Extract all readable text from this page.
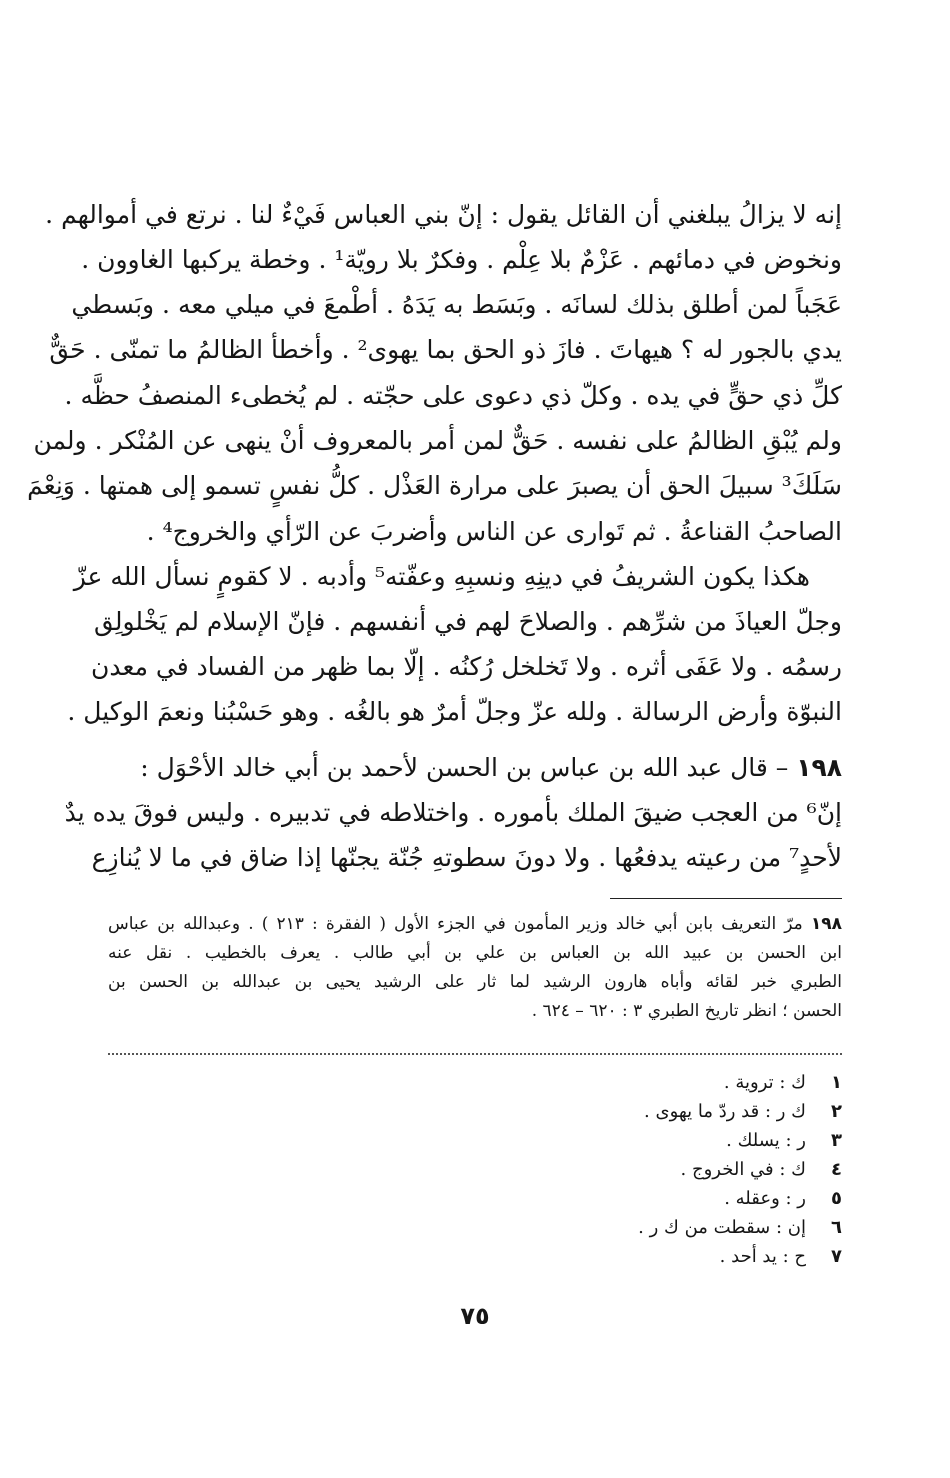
إنه لا يزالُ يبلغني أن القائل يقول : إنّ بني العباس فَيْءٌ لنا . نرتع في أموالهم .
ونخوض في دمائهم . عَزْمٌ بلا عِلْم . وفكرٌ بلا رويّة¹ . وخطة يركبها الغاوون .
عَجَباً لمن أطلق بذلك لسانَه . وبَسَط به يَدَهُ . أطْمعَ في ميلي معه . وبَسطي
يدي بالجور له ؟ هيهاتَ . فازَ ذو الحق بما يهوى² . وأخطأ الظالمُ ما تمنّى . حَقٌّ
كلِّ ذي حقٍّ في يده . وكلّ ذي دعوى على حجّته . لم يُخطىء المنصفُ حظَّه .
ولم يُبْقِ الظالمُ على نفسه . حَقٌّ لمن أمر بالمعروف أنْ ينهى عن المُنْكر . ولمن
سَلَكَ³ سبيلَ الحق أن يصبرَ على مرارة العَذْل . كلُّ نفسٍ تسمو إلى همتها . وَنِعْمَ
الصاحبُ القناعةُ . ثم تَوارى عن الناس وأضربَ عن الرّأي والخروج⁴ .
هكذا يكون الشريفُ في دينِهِ ونسبِهِ وعفّته⁵ وأدبه . لا كقومٍ نسأل الله عزّ
وجلّ العياذَ من شرِّهم . والصلاحَ لهم في أنفسهم . فإنّ الإسلام لم يَخْلولِق
رسمُه . ولا عَفَى أثره . ولا تَخلخل رُكنُه . إلّا بما ظهر من الفساد في معدن
النبوّة وأرض الرسالة . ولله عزّ وجلّ أمرٌ هو بالغُه . وهو حَسْبُنا ونعمَ الوكيل .
١٩٨ – قال عبد الله بن عباس بن الحسن لأحمد بن أبي خالد الأحْوَل :
إنّ⁶ من العجب ضيقَ الملك بأموره . واختلاطه في تدبيره . وليس فوقَ يده يدٌ
لأحدٍ⁷ من رعيته يدفعُها . ولا دونَ سطوتهِ جُنّة يجنّها إذا ضاق في ما لا يُنازِع
١٩٨ مرّ التعريف بابن أبي خالد وزير المأمون في الجزء الأول ( الفقرة : ٢١٣ ) . وعبدالله بن عباس
ابن الحسن بن عبيد الله بن العباس بن علي بن أبي طالب . يعرف بالخطيب . نقل عنه
الطبري خبر لقائه وأباه هارون الرشيد لما ثار على الرشيد يحيى بن عبدالله بن الحسن بن
الحسن ؛ انظر تاريخ الطبري ٣ : ٦٢٠ – ٦٢٤ .
١ك : تروية .
٢ك ر : قد ردّ ما يهوى .
٣ر : يسلك .
٤ك : في الخروج .
٥ر : وعقله .
٦إن : سقطت من ك ر .
٧ح : يد أحد .
٧٥
